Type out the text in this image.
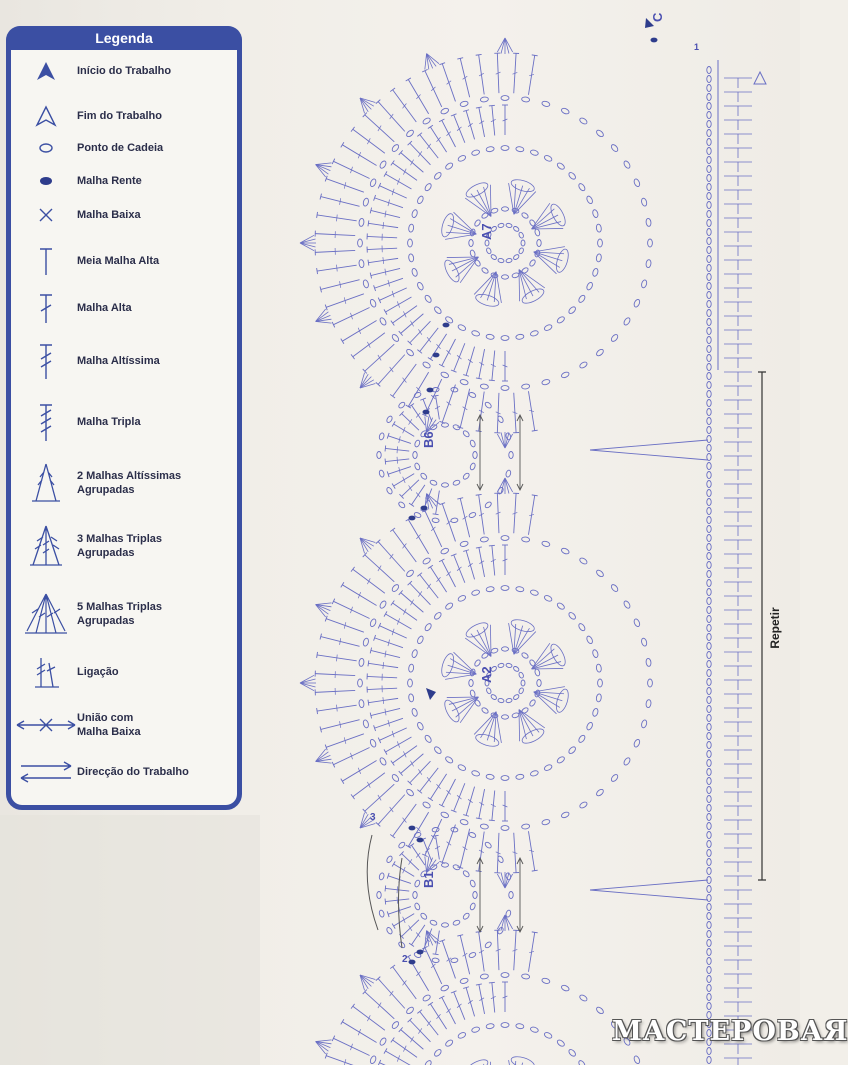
Legenda
Início do Trabalho
Fim do Trabalho
Ponto de Cadeia
Malha Rente
Malha Baixa
Meia Malha Alta
Malha Alta
Malha Altíssima
Malha Tripla
2 Malhas Altíssimas
Agrupadas
3 Malhas Triplas
Agrupadas
5 Malhas Triplas
Agrupadas
Ligação
União com
Malha Baixa
Direcção do Trabalho
A7
A2
B6
B1
C
1
2
3
Repetir
МАСТЕРОВАЯ
